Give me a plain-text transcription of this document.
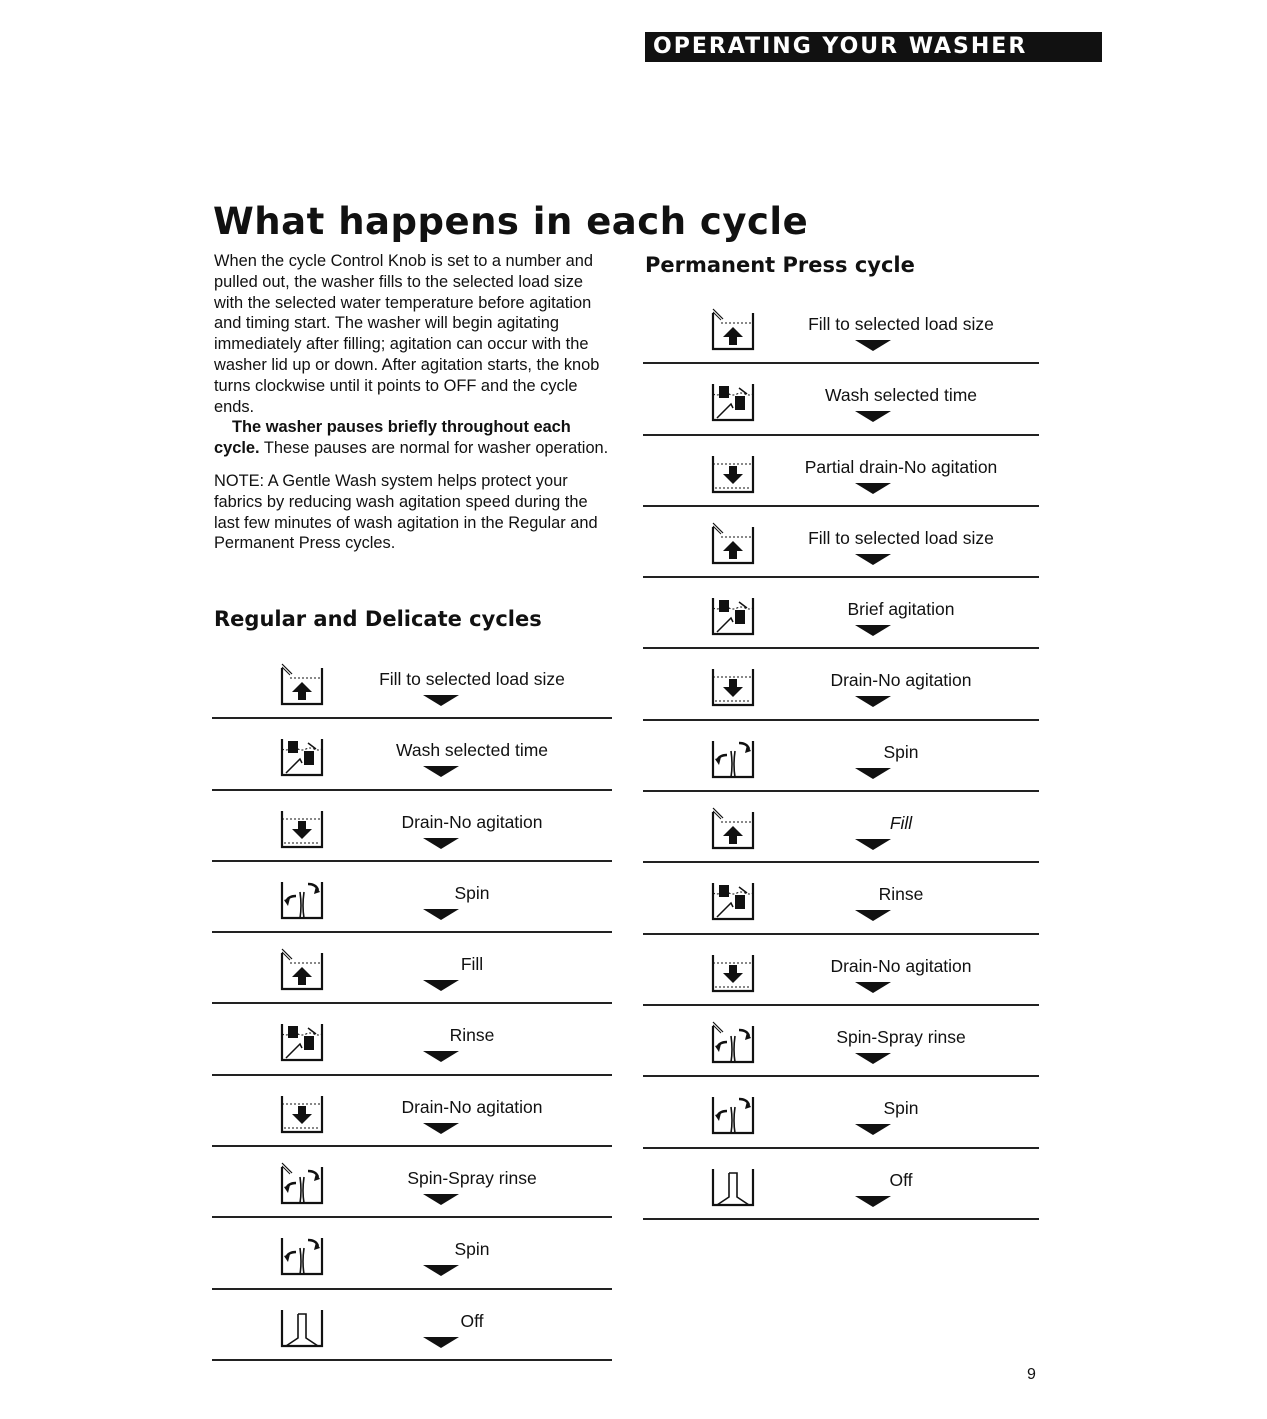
OPERATING YOUR WASHER
What happens in each cycle

When the cycle Control Knob is set to a number and pulled out, the washer fills to the selected load size with the selected water temperature before agitation and timing start. The washer will begin agitating immediately after filling; agitation can occur with the washer lid up or down. After agitation starts, the knob turns clockwise until it points to OFF and the cycle ends.

The washer pauses briefly throughout each cycle. These pauses are normal for washer operation.

NOTE: A Gentle Wash system helps protect your fabrics by reducing wash agitation speed during the last few minutes of wash agitation in the Regular and Permanent Press cycles.

Regular and Delicate cycles
Fill to selected load size
Wash selected time
Drain-No agitation
Spin
Fill
Rinse
Drain-No agitation
Spin-Spray rinse
Spin
Off
Permanent Press cycle
Fill to selected load size
Wash selected time
Partial drain-No agitation
Fill to selected load size
Brief agitation
Drain-No agitation
Spin
Fill
Rinse
Drain-No agitation
Spin-Spray rinse
Spin
Off
9
